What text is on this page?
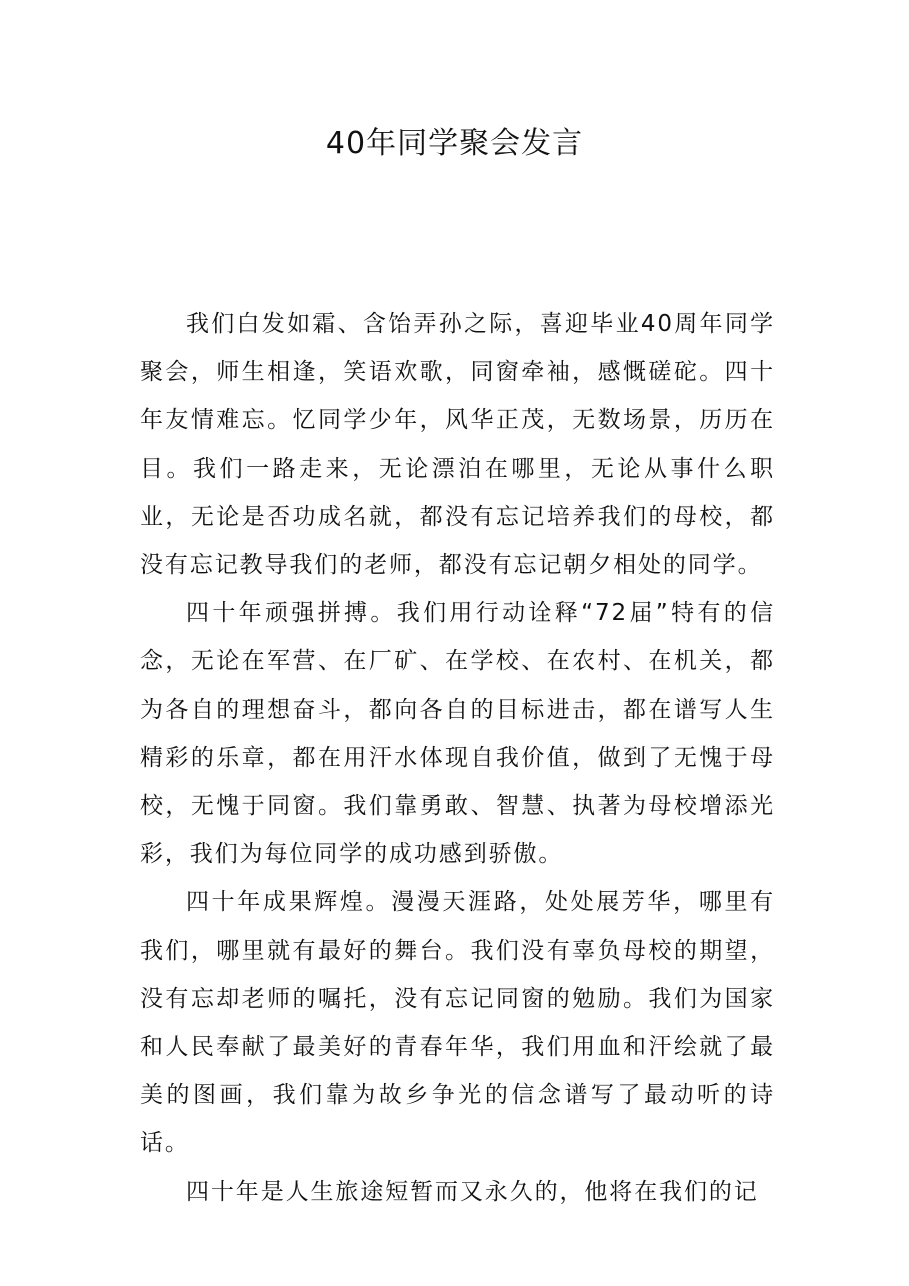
40年同学聚会发言

我们白发如霜、含饴弄孙之际，喜迎毕业40周年同学聚会，师生相逢，笑语欢歌，同窗牵袖，感慨磋砣。四十年友情难忘。忆同学少年，风华正茂，无数场景，历历在目。我们一路走来，无论漂泊在哪里，无论从事什么职业，无论是否功成名就，都没有忘记培养我们的母校，都没有忘记教导我们的老师，都没有忘记朝夕相处的同学。

四十年顽强拼搏。我们用行动诠释“72届”特有的信念，无论在军营、在厂矿、在学校、在农村、在机关，都为各自的理想奋斗，都向各自的目标进击，都在谱写人生精彩的乐章，都在用汗水体现自我价值，做到了无愧于母校，无愧于同窗。我们靠勇敢、智慧、执著为母校增添光彩，我们为每位同学的成功感到骄傲。

四十年成果辉煌。漫漫天涯路，处处展芳华，哪里有我们，哪里就有最好的舞台。我们没有辜负母校的期望，没有忘却老师的嘱托，没有忘记同窗的勉励。我们为国家和人民奉献了最美好的青春年华，我们用血和汗绘就了最美的图画，我们靠为故乡争光的信念谱写了最动听的诗话。

四十年是人生旅途短暂而又永久的，他将在我们的记
